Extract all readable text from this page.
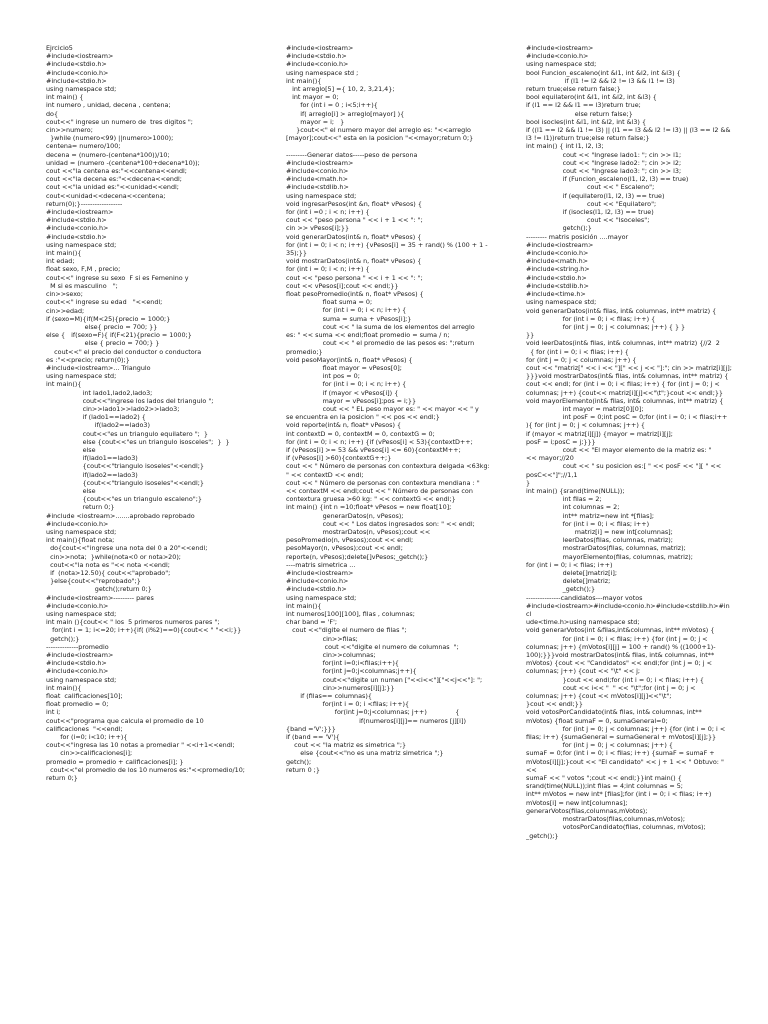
Ejrcicio5
#include<iostream>
#include<stdio.h>
#include<conio.h>
#include<stdio.h>
using namespace std;
int main() {
int numero , unidad, decena , centena;
do{
cout<<" ingrese un numero de  tres digitos ";
cin>>numero;
}while (numero<99) ||numero>1000);
centena= numero/100;
decena = (numero-(centena*100))/10;
unidad = (numero -(centena*100+decena*10));
cout <<"la centena es:"<<centena<<endl;
cout <<"la decena es:"<<decena<<endl;
cout <<"la unidad es:"<<unidad<<endl;
cout<<unidad<<decena<<centena;
return(0);}------------------
#include<iostream>
#include<stdio.h>
#include<conio.h>
#include<stdio.h>
using namespace std;
int main(){
int edad;
float sexo, F,M , precio;
cout<<" ingrese su sexo  F si es Femenino y
M si es masculino   ";
cin>>sexo;
cout<<" ingrese su edad   "<<endl;
cin>>edad;
if (sexo=M){if(M<25){precio = 1000;}
else{ precio = 700; }}
else {   if(sexo=F){ if(F<21){precio = 1000;}
else { precio = 700;} }
cout<<" el precio del conductor o conductora
es :"<<precio; return(0);}
#include<iostream>... Triangulo
using namespace std;
int main(){
int lado1,lado2,lado3;
cout<<"ingrese los lados del triangulo ";
cin>>lado1>>lado2>>lado3;
if (lado1==lado2) {
if(lado2==lado3)
cout<<"es un triangulo equilatero ";  }
else {cout<<"es un triangulo isosceles";  }  }
else
if(lado1==lado3)
{cout<<"triangulo isoseles"<<endl;}
if(lado2==lado3)
{cout<<"triangulo isoseles"<<endl;}
else
{cout<<"es un triangulo escaleno";}
return 0;}
#include <iostream>.......aprobado reprobado
#include<conio.h>
using namespace std;
int main(){float nota;
do{cout<<"ingrese una nota del 0 a 20"<<endl;
cin>>nota;  }while(nota<0 or nota>20);
cout<<"la nota es "<< nota <<endl;
if  (nota>12.50){ cout<<"aprobado";
}else{cout<<"reprobado";}
getch();return 0;}
#include<iostream>--------- pares
#include<conio.h>
using namespace std;
int main (){cout<< " los  5 primeros numeros pares ";
for(int i = 1; i<=20; i++){if( (i%2)==0){cout<< " "<<i;}}
getch();}
--------------promedio
#include<iostream>
#include<stdio.h>
#include<conio.h>
using namespace std;
int main(){
float  calificaciones[10];
float promedio = 0;
int i;
cout<<"programa que calcula el promedio de 10
calificaciones  "<<endl;
for (i=0; i<10; i++){
cout<<"ingresa las 10 notas a promediar " <<i+1<<endl;
cin>>calificaciones[i];
promedio = promedio + calificaciones[i]; }
cout<<"el promedio de los 10 numeros es:"<<promedio/10;
return 0;}
#include<iostream>
#include<stdio.h>
#include<conio.h>
using namespace std ;
int main(){
int arreglo[5] ={ 10, 2, 3,21,4};
int mayor = 0;
for (int i = 0 ; i<5;i++){
if( arreglo[i] > arreglo[mayor] ){
mayor = i;   }
}cout<<" el numero mayor del arreglo es: "<<arreglo
[mayor];cout<<" esta en la posicion "<<mayor;return 0;}
---------Generar datos-----peso de persona
#include<iostream>
#include<conio.h>
#include<math.h>
#include<stdlib.h>
using namespace std;
void ingresarPesos(int &n, float* vPesos) {
for (int i =0 ; i < n; i++) {
cout << "peso persona " << i + 1 << ": ";
cin >> vPesos[i];}}
void generarDatos(int& n, float* vPesos) {
for (int i = 0; i < n; i++) {vPesos[i] = 35 + rand() % (100 + 1 -
35);}}
void mostrarDatos(int& n, float* vPesos) {
for (int i = 0; i < n; i++) {
cout << "peso persona " << i + 1 << ": ";
cout << vPesos[i];cout << endl;}}
float pesoPromedio(int& n, float* vPesos) {
float suma = 0;
for (int i = 0; i < n; i++) {
suma = suma + vPesos[i];}
cout << " la suma de los elementos del arreglo
es: " << suma << endl;float promedio = suma / n;
cout << " el promedio de las pesos es: ";return
promedio;}
void pesoMayor(int& n, float* vPesos) {
float mayor = vPesos[0];
int pos = 0;
for (int i = 0; i < n; i++) {
if (mayor < vPesos[i]) {
mayor = vPesos[i];pos = i;}}
cout << " EL peso mayor es: " << mayor << " y
se encuentra en la posicion " << pos << endl;}
void reporte(int& n, float* vPesos) {
int contextD = 0, contextM = 0, contextG = 0;
for (int i = 0; i < n; i++) {if (vPesos[i] < 53){contextD++;
if (vPesos[i] >= 53 && vPesos[i] <= 60){contextM++;
if (vPesos[i] >60){contextG++;}
cout << " Número de personas con contextura delgada <63kg:
" << contextD << endl;
cout << " Número de personas con contextura mendiana : "
<< contextM << endl;cout << " Número de personas con
contextura gruesa >60 kg: " << contextG << endl;}
int main() {int n =10;float* vPesos = new float[10];
generarDatos(n, vPesos);
cout << " Los datos ingresados son: " << endl;
mostrarDatos(n, vPesos);cout <<
pesoPromedio(n, vPesos);cout << endl;
pesoMayor(n, vPesos);cout << endl;
reporte(n, vPesos);delete[]vPesos;_getch();}
----matris simetrica ...
#include<iostream>
#include<conio.h>
#include<stdio.h>
using namespace std;
int main(){
int numeros[100][100], filas , columnas;
char band = 'F';
cout <<"digite el numero de filas ";
cin>>filas;
cout <<"digite el numero de columnas  ";
cin>>columnas;
for(int i=0;i<filas;i++){
for(int j=0;j<columnas;j++){
cout<<"digite un numen ["<<i<<"]["<<j<<"]: ";
cin>>numeros[i][j];}}
if (filas== columnas){
for(int i = 0; i <filas; i++){
for(int j=0;j<columnas; j++)              {
if(numeros[i][j]== numeros [j][i])
{band ='V';}}}
if (band == 'V'){
cout << "la matriz es simetrica ";}
else {cout<<"no es una matriz simetrica ";}
getch();
return 0 ;}
#include<iostream>
#include<conio.h>
using namespace std;
bool Funcion_escaleno(int &l1, int &l2, int &l3) {
if (l1 != l2 && l2 != l3 && l1 != l3)
return true;else return false;}
bool equilatero(int &l1, int &l2, int &l3) {
if (l1 == l2 && l1 == l3)return true;
else return false;}
bool isocles(int &l1, int &l2, int &l3) {
if ((l1 == l2 && l1 != l3) || (l1 == l3 && l2 != l3) || (l3 == l2 &&
l3 != l1))return true;else return false;}
int main() { int l1, l2, l3;
cout << "Ingrese lado1: "; cin >> l1;
cout << "Ingrese lado2: "; cin >> l2;
cout << "Ingrese lado3: "; cin >> l3;
if (Funcion_escaleno(l1, l2, l3) == true)
cout << " Escaleno";
if (equilatero(l1, l2, l3) == true)
cout << "Equilatero";
if (isocles(l1, l2, l3) == true)
cout << "Isoceles";
getch();}
--------- matris posición ....mayor
#include<iostream>
#include<conio.h>
#include<math.h>
#include<string.h>
#include<stdio.h>
#include<stdlib.h>
#include<time.h>
using namespace std;
void generarDatos(int& filas, int& columnas, int** matriz) {
for (int i = 0; i < filas; i++) {
for (int j = 0; j < columnas; j++) { } }
}}
void leerDatos(int& filas, int& columnas, int** matriz) {//2  2
{ for (int i = 0; i < filas; i++) {
for (int j = 0; j < columnas; j++) {
cout << "matriz[" << i << "][" << j << "]:"; cin >> matriz[i][j];
}}}void mostrarDatos(int& filas, int& columnas, int** matriz) {
cout << endl; for (int i = 0; i < filas; i++) { for (int j = 0; j <
columnas; j++) {cout<< matriz[i][j]<<"\t";}cout << endl;}}
void mayorElemento(int& filas, int& columnas, int** matriz) {
int mayor = matriz[0][0];
int posF = 0;int posC = 0;for (int i = 0; i < filas;i++
){ for (int j = 0; j < columnas; j++) {
if (mayor < matriz[i][j]) {mayor = matriz[i][j];
posF = i;posC = j;}}}
cout << "El mayor elemento de la matriz es: "
<< mayor;//20
cout << " su posicion es:[ " << posF << "][ " <<
posC<<"]";//1,1
}
int main() {srand(time(NULL));
int filas = 2;
int columnas = 2;
int** matriz=new int *[filas];
for (int i = 0; i < filas; i++)
matriz[i] = new int[columnas];
leerDatos(filas, columnas, matriz);
mostrarDatos(filas, columnas, matriz);
mayorElemento(filas, columnas, matriz);
for (int i = 0; i < filas; i++)
delete[]matriz[i];
delete[]matriz;
_getch();}
---------------candidatos---mayor votos
#include<iostream>#include<conio.h>#include<stdlib.h>#incl
ude<time.h>using namespace std;
void generarVotos(int &filas,int&columnas, int** mVotos) {
for (int i = 0; i < filas; i++) {for (int j = 0; j <
columnas; j++) {mVotos[i][j] = 100 + rand() % ((1000+1)-
100);}}}void mostrarDatos(int& filas, int& columnas, int**
mVotos) {cout << "Candidatos" << endl;for (int j = 0; j <
columnas; j++) {cout << "\t" << j;
}cout << endl;for (int i = 0; i < filas; i++) {
cout << i<< "  " << "\t";for (int j = 0; j <
columnas; j++) {cout << mVotos[i][j]<<"\t";
}cout << endl;}}
void votosPorCandidato(int& filas, int& columnas, int**
mVotos) {float sumaF = 0, sumaGeneral=0;
for (int j = 0; j < columnas; j++) {for (int i = 0; i <
filas; i++) {sumaGeneral = sumaGeneral + mVotos[i][j];}}
for (int j = 0; j < columnas; j++) {
sumaF = 0;for (int i = 0; i < filas; i++) {sumaF = sumaF +
mVotos[i][j];}cout << "El candidato" << j + 1 << " Obtuvo: " <<
sumaF << " votos ";cout << endl;}}int main() {
srand(time(NULL));int filas = 4;int columnas = 5;
int** mVotos = new int* [filas];for (int i = 0; i < filas; i++)
mVotos[i] = new int[columnas];
generarVotos(filas,columnas,mVotos);
mostrarDatos(filas,columnas,mVotos);
votosPorCandidato(filas, columnas, mVotos);
_getch();}
